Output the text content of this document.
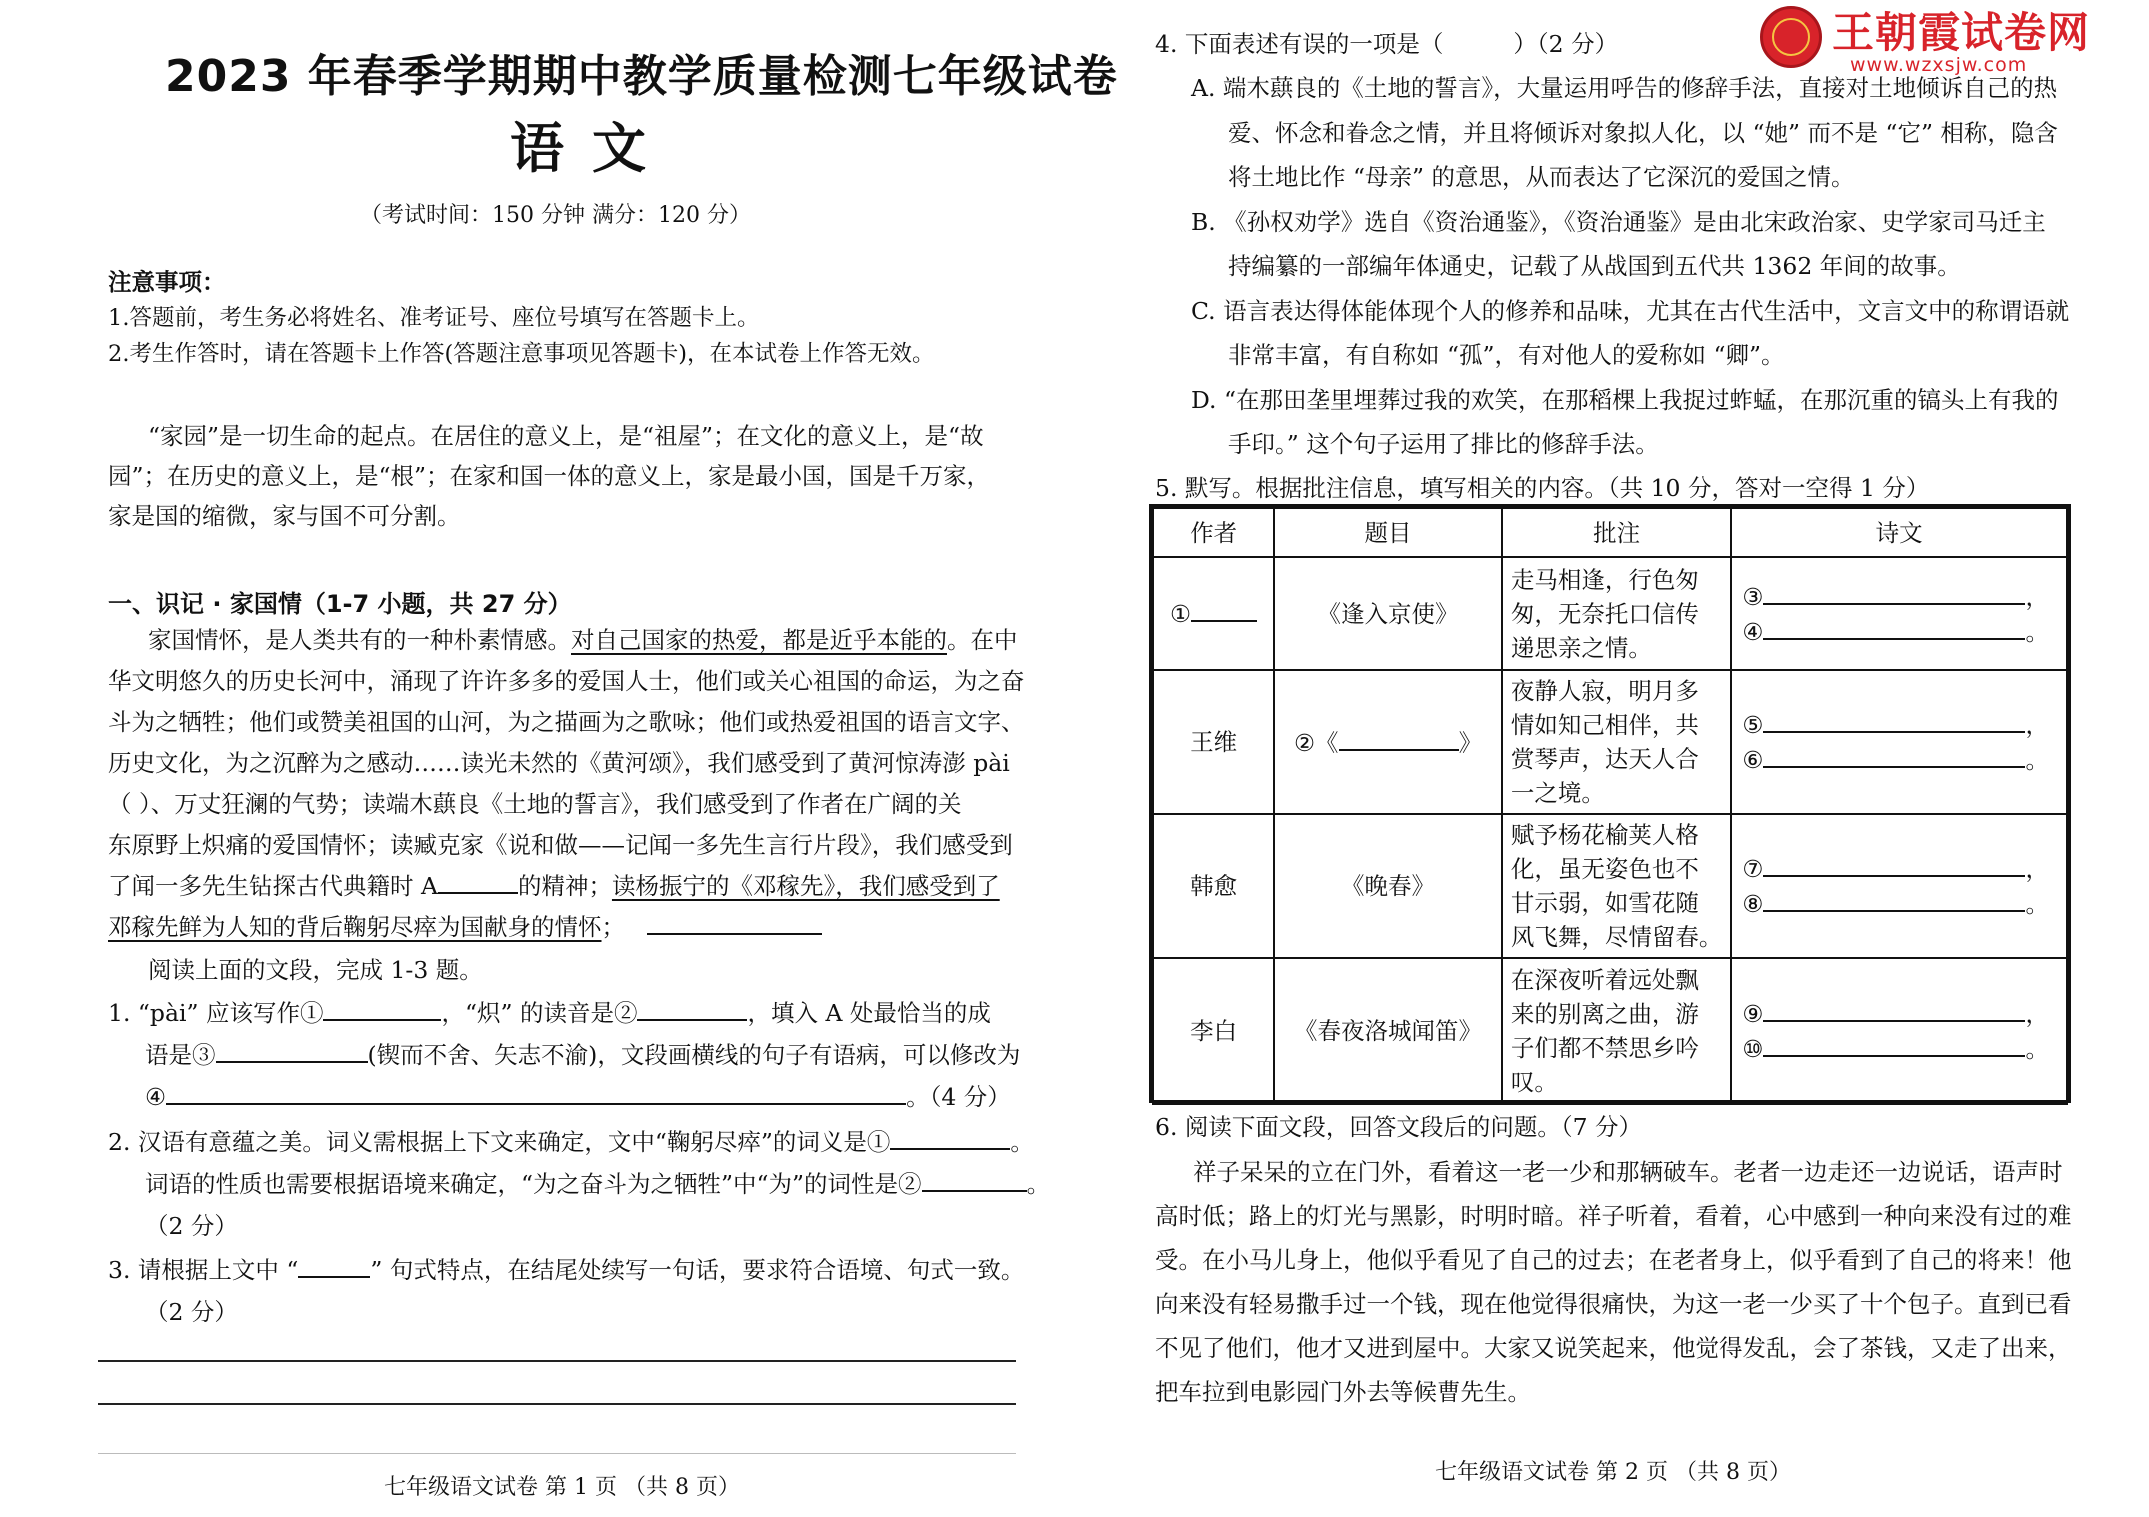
2023 年春季学期期中教学质量检测七年级试卷
语文
（考试时间：150 分钟 满分：120 分）
注意事项：
1.答题前，考生务必将姓名、准考证号、座位号填写在答题卡上。
2.考生作答时，请在答题卡上作答(答题注意事项见答题卡)，在本试卷上作答无效。
“家园”是一切生命的起点。在居住的意义上，是“祖屋”；在文化的意义上，是“故
园”；在历史的意义上，是“根”；在家和国一体的意义上，家是最小国，国是千万家，
家是国的缩微，家与国不可分割。
一、识记 · 家国情（1-7 小题，共 27 分）
家国情怀，是人类共有的一种朴素情感。对自己国家的热爱，都是近乎本能的。在中
华文明悠久的历史长河中，涌现了许许多多的爱国人士，他们或关心祖国的命运，为之奋
斗为之牺牲；他们或赞美祖国的山河，为之描画为之歌咏；他们或热爱祖国的语言文字、
历史文化，为之沉醉为之感动……读光未然的《黄河颂》，我们感受到了黄河惊涛澎 pài
（ ）、万丈狂澜的气势；读端木蕻良《土地的誓言》，我们感受到了作者在广阔的关
东原野上炽痛的爱国情怀；读臧克家《说和做——记闻一多先生言行片段》，我们感受到
了闻一多先生钻探古代典籍时 A	的精神；读杨振宁的《邓稼先》，我们感受到了
邓稼先鲜为人知的背后鞠躬尽瘁为国献身的情怀；
阅读上面的文段，完成 1-3 题。
1. “pài” 应该写作①	，“炽” 的读音是②	，填入 A 处最恰当的成
语是③	(锲而不舍、矢志不渝)，文段画横线的句子有语病，可以修改为
④	。（4 分）
2. 汉语有意蕴之美。词义需根据上下文来确定，文中“鞠躬尽瘁”的词义是①	。
词语的性质也需要根据语境来确定，“为之奋斗为之牺牲”中“为”的词性是②	。
（2 分）
3. 请根据上文中 “	” 句式特点，在结尾处续写一句话，要求符合语境、句式一致。
（2 分）
七年级语文试卷 第 1 页 （共 8 页）
王朝霞试卷网
www.wzxsjw.com
4. 下面表述有误的一项是（	）（2 分）
A. 端木蕻良的《土地的誓言》，大量运用呼告的修辞手法，直接对土地倾诉自己的热
爱、怀念和眷念之情，并且将倾诉对象拟人化，以 “她” 而不是 “它” 相称，隐含
将土地比作 “母亲” 的意思，从而表达了它深沉的爱国之情。
B. 《孙权劝学》选自《资治通鉴》，《资治通鉴》是由北宋政治家、史学家司马迁主
持编纂的一部编年体通史，记载了从战国到五代共 1362 年间的故事。
C. 语言表达得体能体现个人的修养和品味，尤其在古代生活中，文言文中的称谓语就
非常丰富，有自称如 “孤”，有对他人的爱称如 “卿”。
D. “在那田垄里埋葬过我的欢笑，在那稻棵上我捉过蚱蜢，在那沉重的镐头上有我的
手印。” 这个句子运用了排比的修辞手法。
5. 默写。根据批注信息，填写相关的内容。（共 10 分，答对一空得 1 分）
作者	题目	批注	诗文
①	《逢入京使》	走马相逢，行色匆
匆，无奈托口信传
递思亲之情。	③ ，
④ 。

王维	②《 》	夜静人寂，明月多
情如知己相伴，共
赏琴声，达天人合
一之境。	⑤ ，
⑥ 。

韩愈	《晚春》	赋予杨花榆荚人格
化，虽无姿色也不
甘示弱，如雪花随
风飞舞，尽情留春。	⑦ ，
⑧ 。

李白	《春夜洛城闻笛》	在深夜听着远处飘
来的别离之曲，游
子们都不禁思乡吟
叹。	⑨ ，
⑩ 。
6. 阅读下面文段，回答文段后的问题。（7 分）
祥子呆呆的立在门外，看着这一老一少和那辆破车。老者一边走还一边说话，语声时
高时低；路上的灯光与黑影，时明时暗。祥子听着，看着，心中感到一种向来没有过的难
受。在小马儿身上，他似乎看见了自己的过去；在老者身上，似乎看到了自己的将来！他
向来没有轻易撒手过一个钱，现在他觉得很痛快，为这一老一少买了十个包子。直到已看
不见了他们，他才又进到屋中。大家又说笑起来，他觉得发乱，会了茶钱，又走了出来，
把车拉到电影园门外去等候曹先生。
七年级语文试卷 第 2 页 （共 8 页）
